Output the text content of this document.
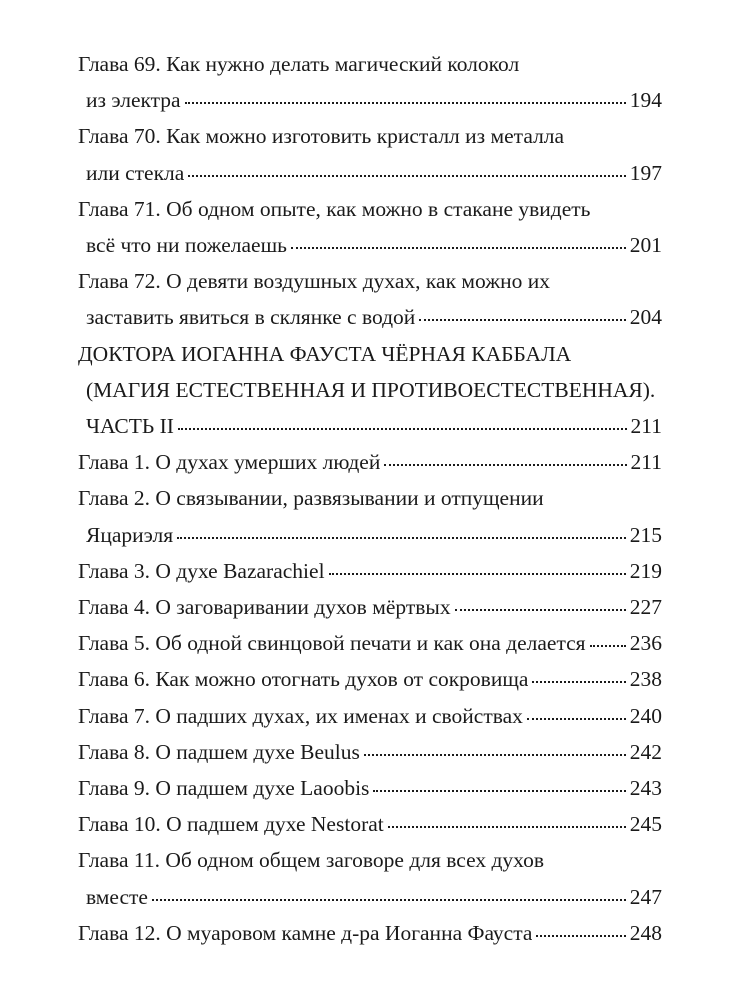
Глава 69. Как нужно делать магический колокол
из электра	194
Глава 70. Как можно изготовить кристалл из металла
или стекла	197
Глава 71. Об одном опыте, как можно в стакане увидеть
всё что ни пожелаешь	201
Глава 72. О девяти воздушных духах, как можно их
заставить явиться в склянке с водой	204
ДОКТОРА ИОГАННА ФАУСТА ЧЁРНАЯ КАББАЛА
(МАГИЯ ЕСТЕСТВЕННАЯ И ПРОТИВОЕСТЕСТВЕННАЯ).
ЧАСТЬ II	211
Глава 1. О духах умерших людей	211
Глава 2. О связывании, развязывании и отпущении
Яцариэля	215
Глава 3. О духе Bazarachiel	219
Глава 4. О заговаривании духов мёртвых	227
Глава 5. Об одной свинцовой печати и как она делается 236
Глава 6. Как можно отогнать духов от сокровища	238
Глава 7. О падших духах, их именах и свойствах	240
Глава 8. О падшем духе Beulus	242
Глава 9. О падшем духе Laoobis	243
Глава 10. О падшем духе Nestorat	245
Глава 11. Об одном общем заговоре для всех духов
вместе	247
Глава 12. О муаровом камне д-ра Иоганна Фауста	248
